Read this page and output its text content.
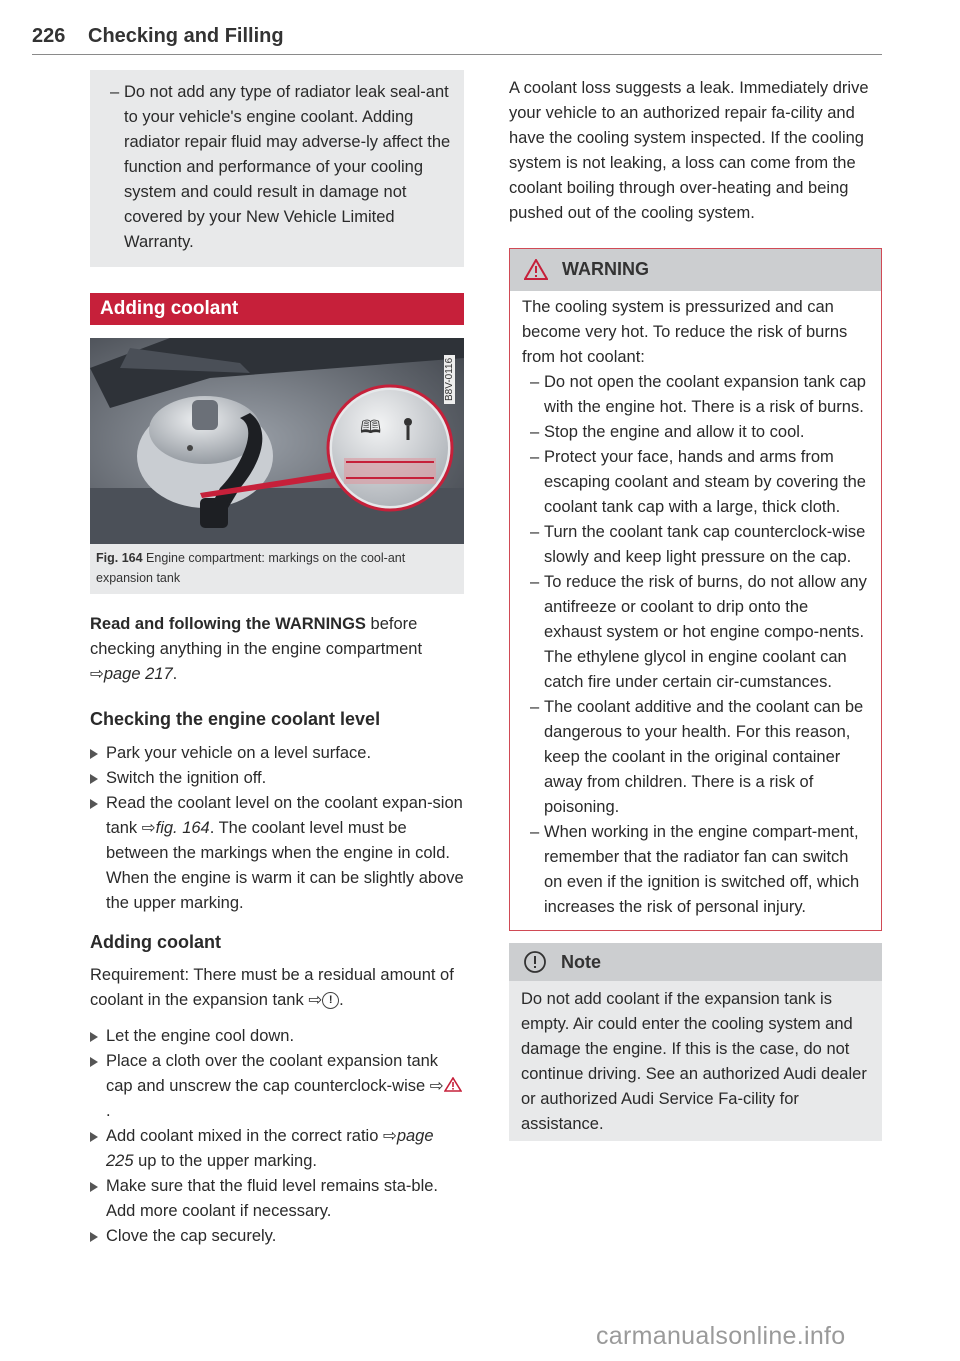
226 Checking and Filling
– Do not add any type of radiator leak seal-ant to your vehicle's engine coolant. Adding radiator repair fluid may adverse-ly affect the function and performance of your cooling system and could result in damage not covered by your New Vehicle Limited Warranty.
Adding coolant
🕮
B8V-0116
Fig. 164 Engine compartment: markings on the cool-ant expansion tank

Read and following the WARNINGS before checking anything in the engine compartment ⇨page 217.

Checking the engine coolant level
Park your vehicle on a level surface.
Switch the ignition off.
Read the coolant level on the coolant expan-sion tank ⇨fig. 164. The coolant level must be between the markings when the engine in cold. When the engine is warm it can be slightly above the upper marking.
Adding coolant

Requirement: There must be a residual amount of coolant in the expansion tank ⇨ ! .

Let the engine cool down.
Place a cloth over the coolant expansion tank cap and unscrew the cap counterclock-wise ⇨.
Add coolant mixed in the correct ratio ⇨page 225 up to the upper marking.
Make sure that the fluid level remains sta-ble. Add more coolant if necessary.
Clove the cap securely.

A coolant loss suggests a leak. Immediately drive your vehicle to an authorized repair fa-cility and have the cooling system inspected. If the cooling system is not leaking, a loss can come from the coolant boiling through over-heating and being pushed out of the cooling system.

WARNING
The cooling system is pressurized and can become very hot. To reduce the risk of burns from hot coolant:
– Do not open the coolant expansion tank cap with the engine hot. There is a risk of burns.
– Stop the engine and allow it to cool.
– Protect your face, hands and arms from escaping coolant and steam by covering the coolant tank cap with a large, thick cloth.
– Turn the coolant tank cap counterclock-wise slowly and keep light pressure on the cap.
– To reduce the risk of burns, do not allow any antifreeze or coolant to drip onto the exhaust system or hot engine compo-nents. The ethylene glycol in engine coolant can catch fire under certain cir-cumstances.
– The coolant additive and the coolant can be dangerous to your health. For this reason, keep the coolant in the original container away from children. There is a risk of poisoning.
– When working in the engine compart-ment, remember that the radiator fan can switch on even if the ignition is switched off, which increases the risk of personal injury.
Note
Do not add coolant if the expansion tank is empty. Air could enter the cooling system and damage the engine. If this is the case, do not continue driving. See an authorized Audi dealer or authorized Audi Service Fa-cility for assistance.
carmanualsonline.info
